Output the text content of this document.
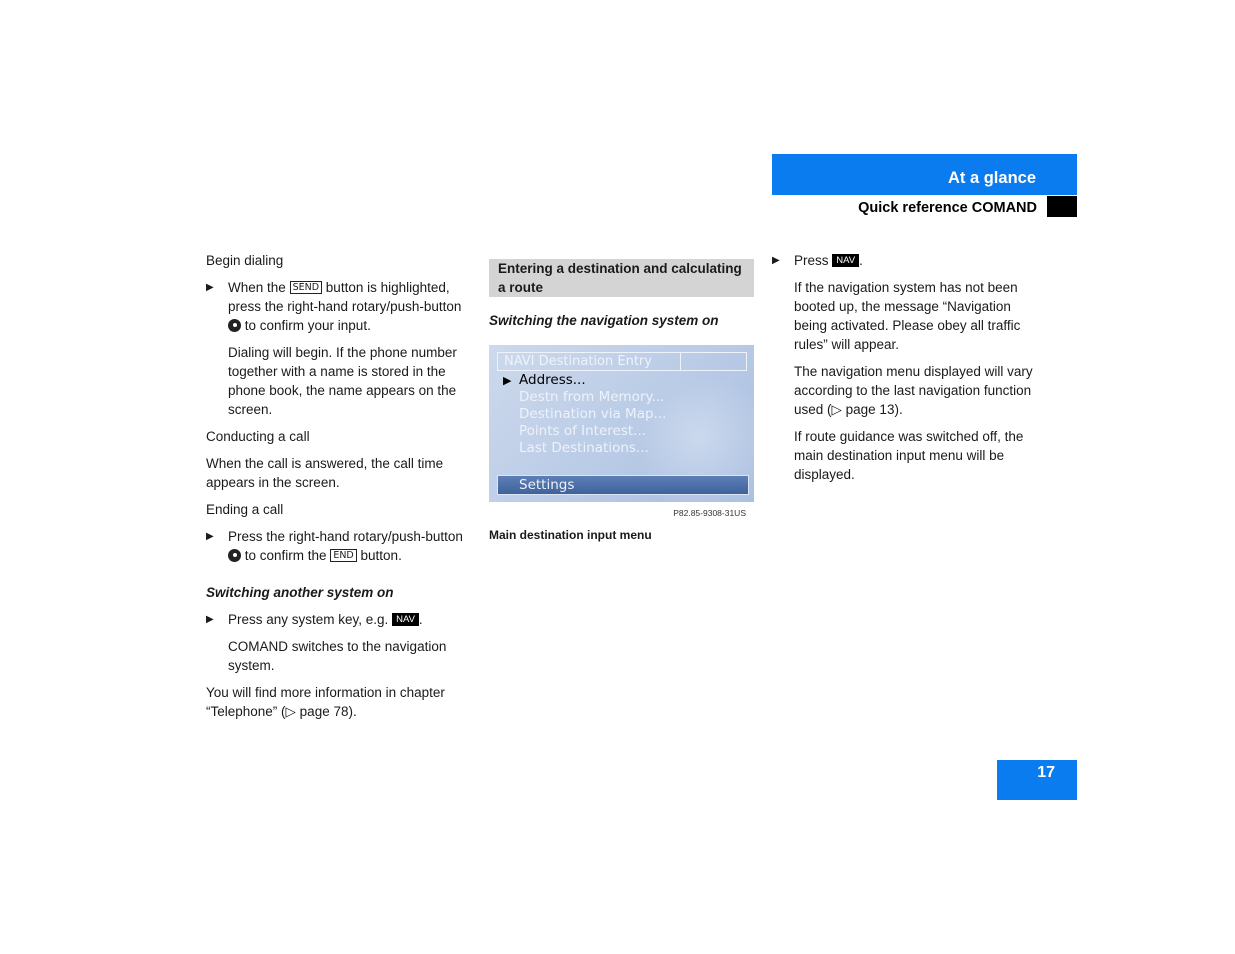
At a glance
Quick reference COMAND

Begin dialing

▶ When the SEND button is highlighted, press the right-hand rotary/push-button  to confirm your input.

Dialing will begin. If the phone number together with a name is stored in the phone book, the name appears on the screen.

Conducting a call

When the call is answered, the call time appears in the screen.

Ending a call

▶ Press the right-hand rotary/push-button  to confirm the END button.

Switching another system on

▶ Press any system key, e.g. NAV .

COMAND switches to the navigation system.

You will find more information in chapter “Telephone” (▷ page 78).

Entering a destination and calculating a route

Switching the navigation system on

NAVI Destination Entry
▶ Address...
Destn from Memory...
Destination via Map...
Points of Interest...
Last Destinations...
Settings
P82.85-9308-31US
Main destination input menu
▶ Press NAV .

If the navigation system has not been booted up, the message “Navigation being activated. Please obey all traffic rules” will appear.

The navigation menu displayed will vary according to the last navigation function used (▷ page 13).

If route guidance was switched off, the main destination input menu will be displayed.

17
